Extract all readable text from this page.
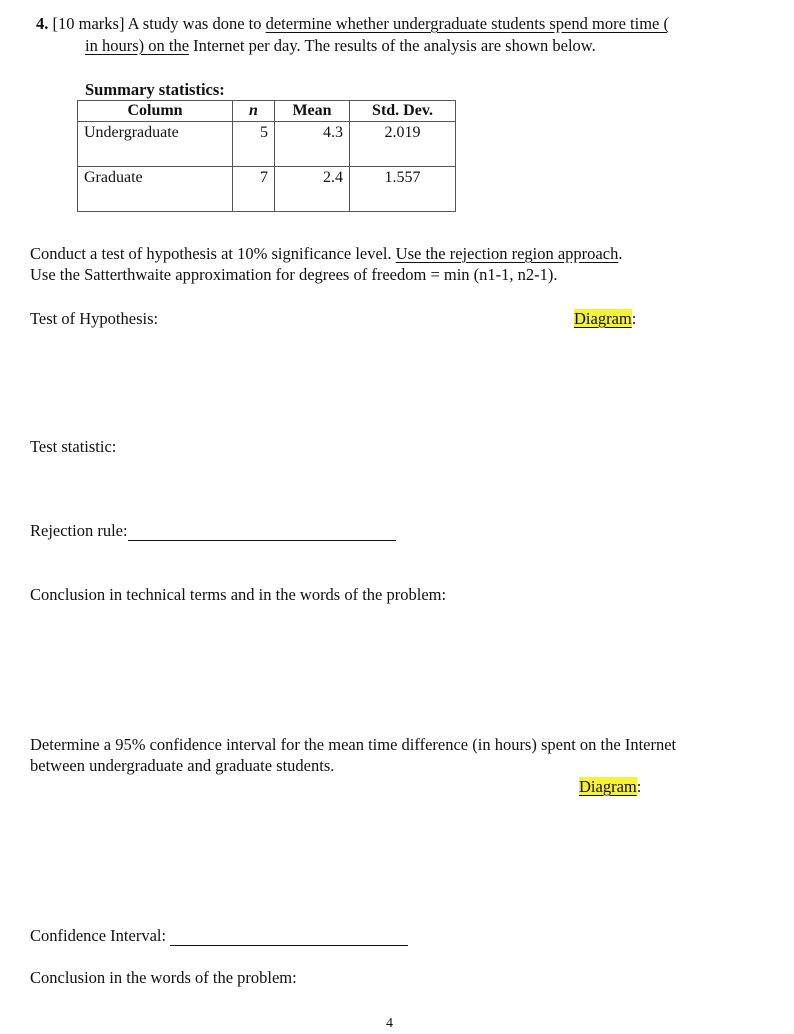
4. [10 marks] A study was done to determine whether undergraduate students spend more time (
in hours) on the Internet per day. The results of the analysis are shown below.
Summary statistics:
Column	n	Mean	Std. Dev.
Undergraduate	5	4.3	2.019
Graduate	7	2.4	1.557
Conduct a test of hypothesis at 10% significance level. Use the rejection region approach.
Use the Satterthwaite approximation for degrees of freedom = min (n1-1, n2-1).
Test of Hypothesis:	Diagram:
Test statistic:
Rejection rule:
Conclusion in technical terms and in the words of the problem:
Determine a 95% confidence interval for the mean time difference (in hours) spent on the Internet
between undergraduate and graduate students.
Diagram:
Confidence Interval:
Conclusion in the words of the problem:
4
